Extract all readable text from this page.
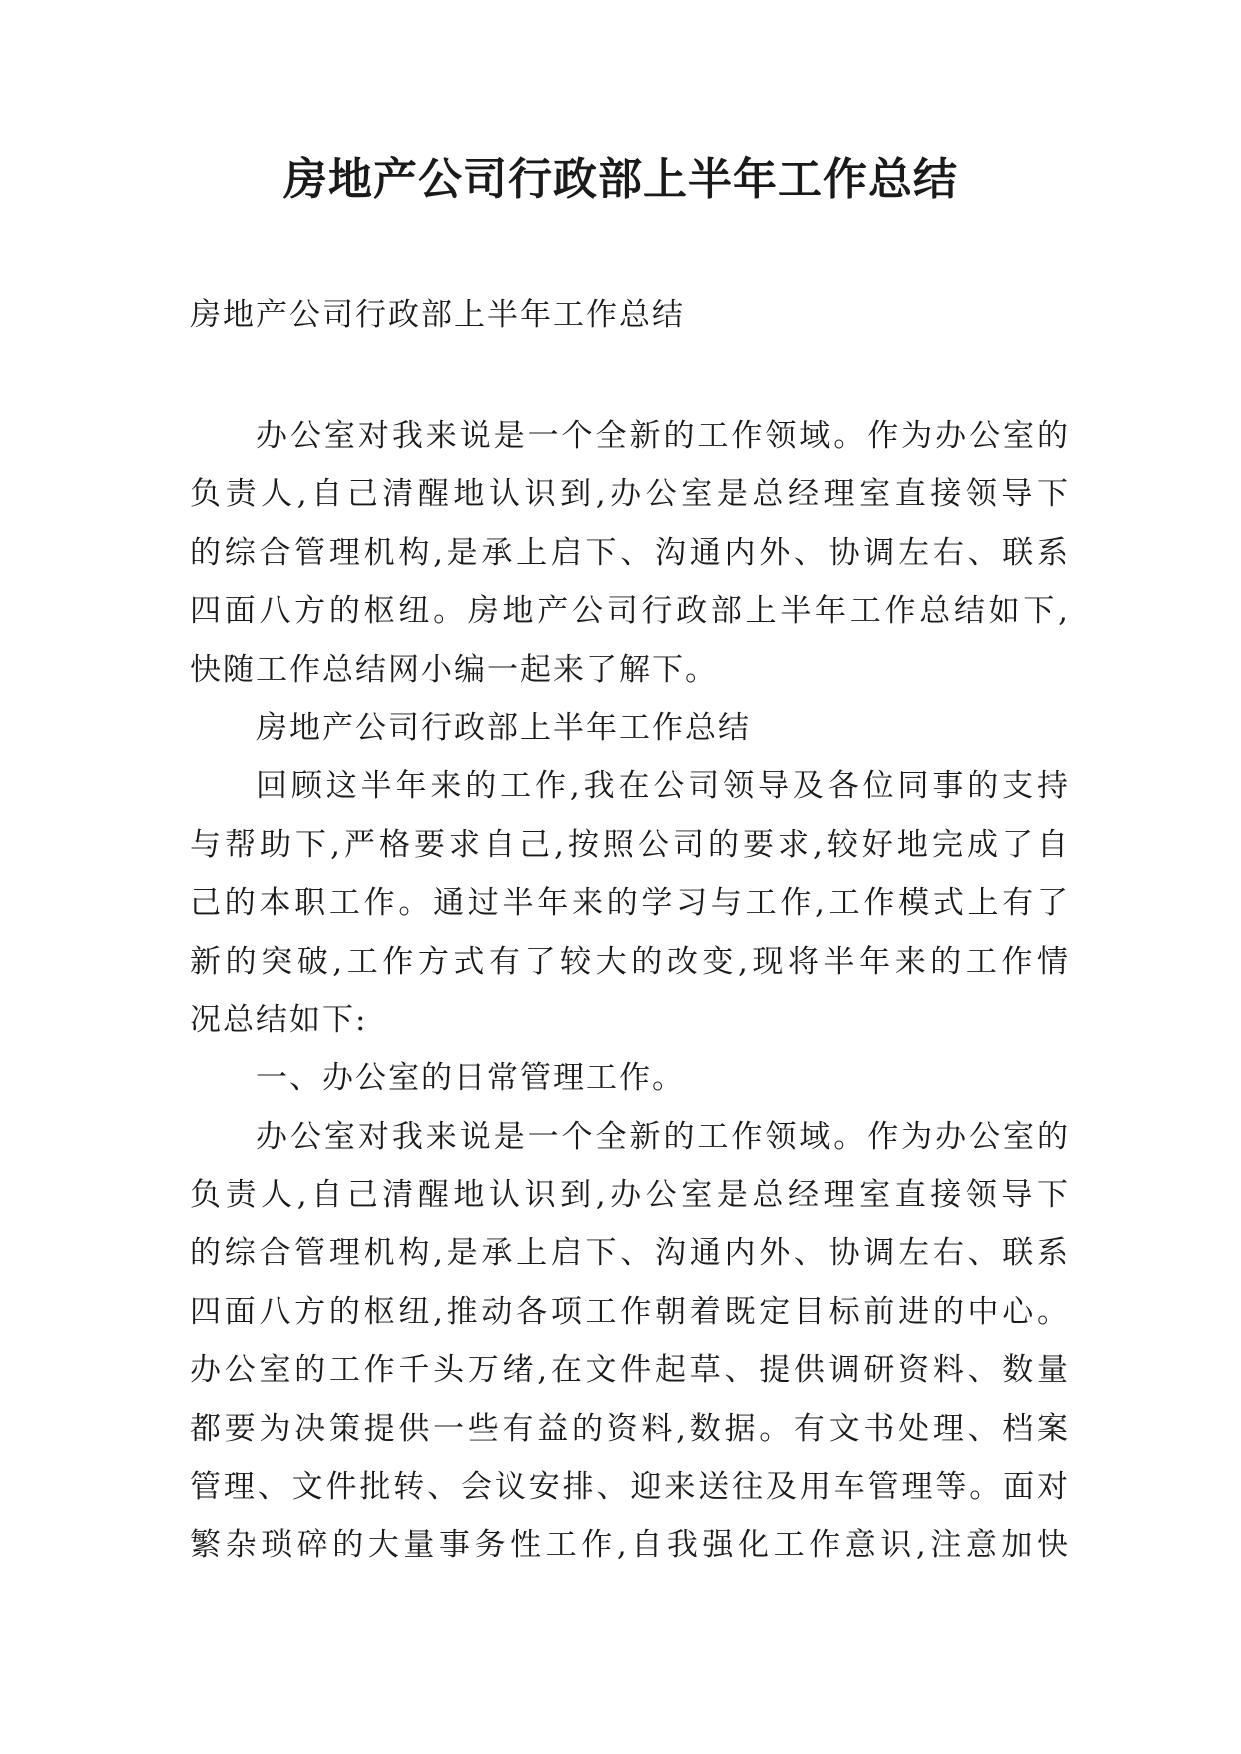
房地产公司行政部上半年工作总结

房地产公司行政部上半年工作总结

办公室对我来说是一个全新的工作领域。作为办公室的
负责人,自己清醒地认识到,办公室是总经理室直接领导下
的综合管理机构,是承上启下、沟通内外、协调左右、联系
四面八方的枢纽。房地产公司行政部上半年工作总结如下,
快随工作总结网小编一起来了解下。
房地产公司行政部上半年工作总结
回顾这半年来的工作,我在公司领导及各位同事的支持
与帮助下,严格要求自己,按照公司的要求,较好地完成了自
己的本职工作。通过半年来的学习与工作,工作模式上有了
新的突破,工作方式有了较大的改变,现将半年来的工作情
况总结如下:
一、办公室的日常管理工作。
办公室对我来说是一个全新的工作领域。作为办公室的
负责人,自己清醒地认识到,办公室是总经理室直接领导下
的综合管理机构,是承上启下、沟通内外、协调左右、联系
四面八方的枢纽,推动各项工作朝着既定目标前进的中心。
办公室的工作千头万绪,在文件起草、提供调研资料、数量
都要为决策提供一些有益的资料,数据。有文书处理、档案
管理、文件批转、会议安排、迎来送往及用车管理等。面对
繁杂琐碎的大量事务性工作,自我强化工作意识,注意加快
